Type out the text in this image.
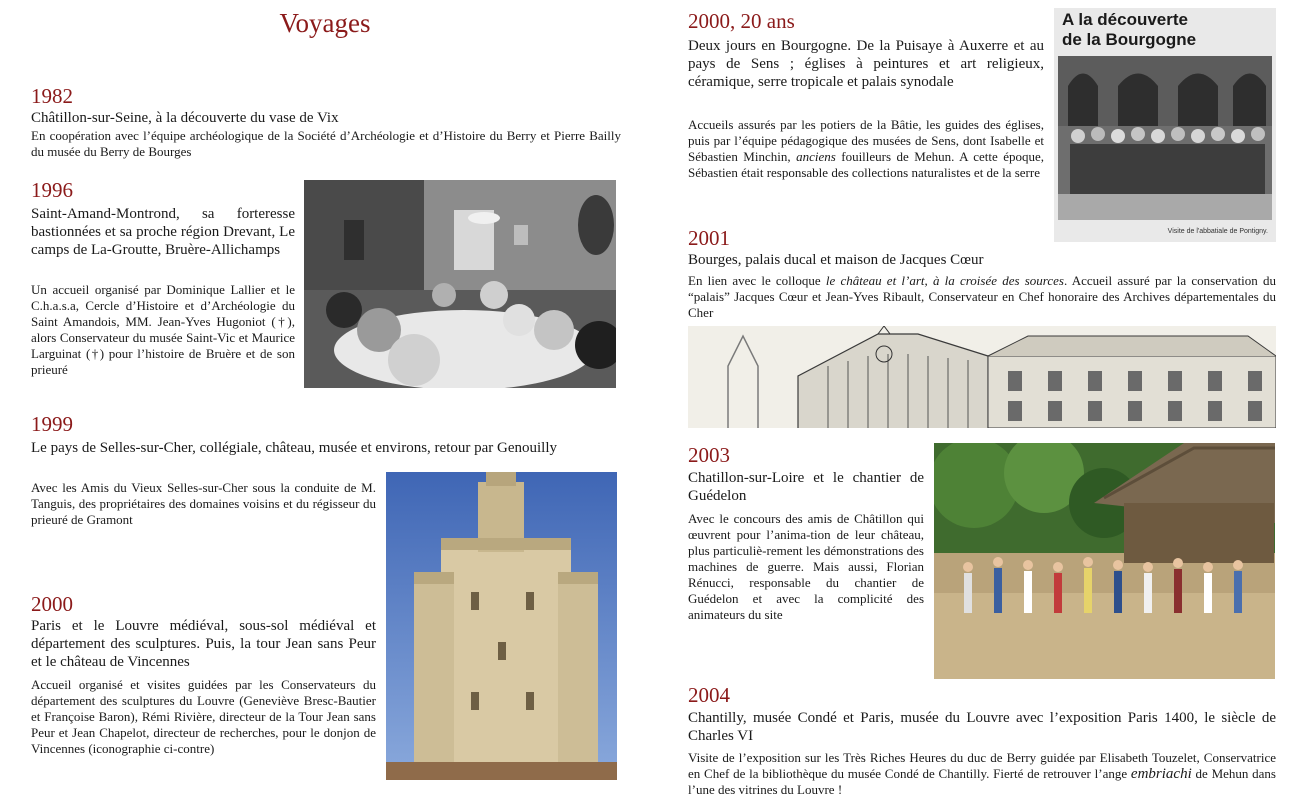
Voyages
1982
Châtillon-sur-Seine, à la découverte du vase de Vix
En coopération avec l’équipe archéologique de la Société d’Archéologie et d’Histoire du Berry et Pierre Bailly du musée du Berry de Bourges
1996
Saint-Amand-Montrond, sa forteresse bastionnées et sa proche région Drevant, Le camps de La-Groutte, Bruère-Allichamps
Un accueil organisé par Dominique Lallier et le C.h.a.s.a, Cercle d’Histoire et d’Archéologie du Saint Amandois, MM. Jean-Yves Hugoniot (†), alors Conservateur du musée Saint-Vic et Maurice Larguinat (†) pour l’histoire de Bruère et de son prieuré
1999
Le pays de Selles-sur-Cher, collégiale, château, musée et environs, retour par Genouilly
Avec les Amis du Vieux Selles-sur-Cher sous la conduite de M. Tanguis, des propriétaires des domaines voisins et du régisseur du prieuré de Gramont
2000
Paris et le Louvre médiéval, sous-sol médiéval et département des sculptures. Puis, la tour Jean sans Peur et le château de Vincennes
Accueil organisé et visites guidées par les Conservateurs du département des sculptures du Louvre (Geneviève Bresc-Bautier et Françoise Baron), Rémi Rivière, directeur de la Tour Jean sans Peur et Jean Chapelot, directeur de recherches, pour le donjon de Vincennes (iconographie ci-contre)
2000, 20 ans
Deux jours en Bourgogne. De la Puisaye à Auxerre et au pays de Sens ; églises à peintures et art religieux, céramique, serre tropicale et palais synodale
Accueils assurés par les potiers de la Bâtie, les guides des églises, puis par l’équipe pédagogique des musées de Sens, dont Isabelle et Sébastien Minchin, anciens fouilleurs de Mehun. A cette époque, Sébastien était responsable des collections naturalistes et de la serre
A la découverte
de la Bourgogne
Visite de l'abbatiale de Pontigny.
2001
Bourges, palais ducal et maison de Jacques Cœur
En lien avec le colloque le château et l’art, à la croisée des sources. Accueil assuré par la conservation du “palais” Jacques Cœur et Jean-Yves Ribault, Conservateur en Chef honoraire des Archives départementales du Cher
2003
Chatillon-sur-Loire et le chantier de Guédelon
Avec le concours des amis de Châtillon qui œuvrent pour l’anima-tion de leur château, plus particuliè-rement les démonstrations des machines de guerre. Mais aussi, Florian Rénucci, responsable du chantier de Guédelon et avec la complicité des animateurs du site
2004
Chantilly, musée Condé et Paris, musée du Louvre avec l’exposition Paris 1400, le siècle de Charles VI
Visite de l’exposition sur les Très Riches Heures du duc de Berry guidée par Elisabeth Touzelet, Conservatrice en Chef de la bibliothèque du musée Condé de Chantilly. Fierté de retrouver l’ange embriachi de Mehun dans l’une des vitrines du Louvre !
